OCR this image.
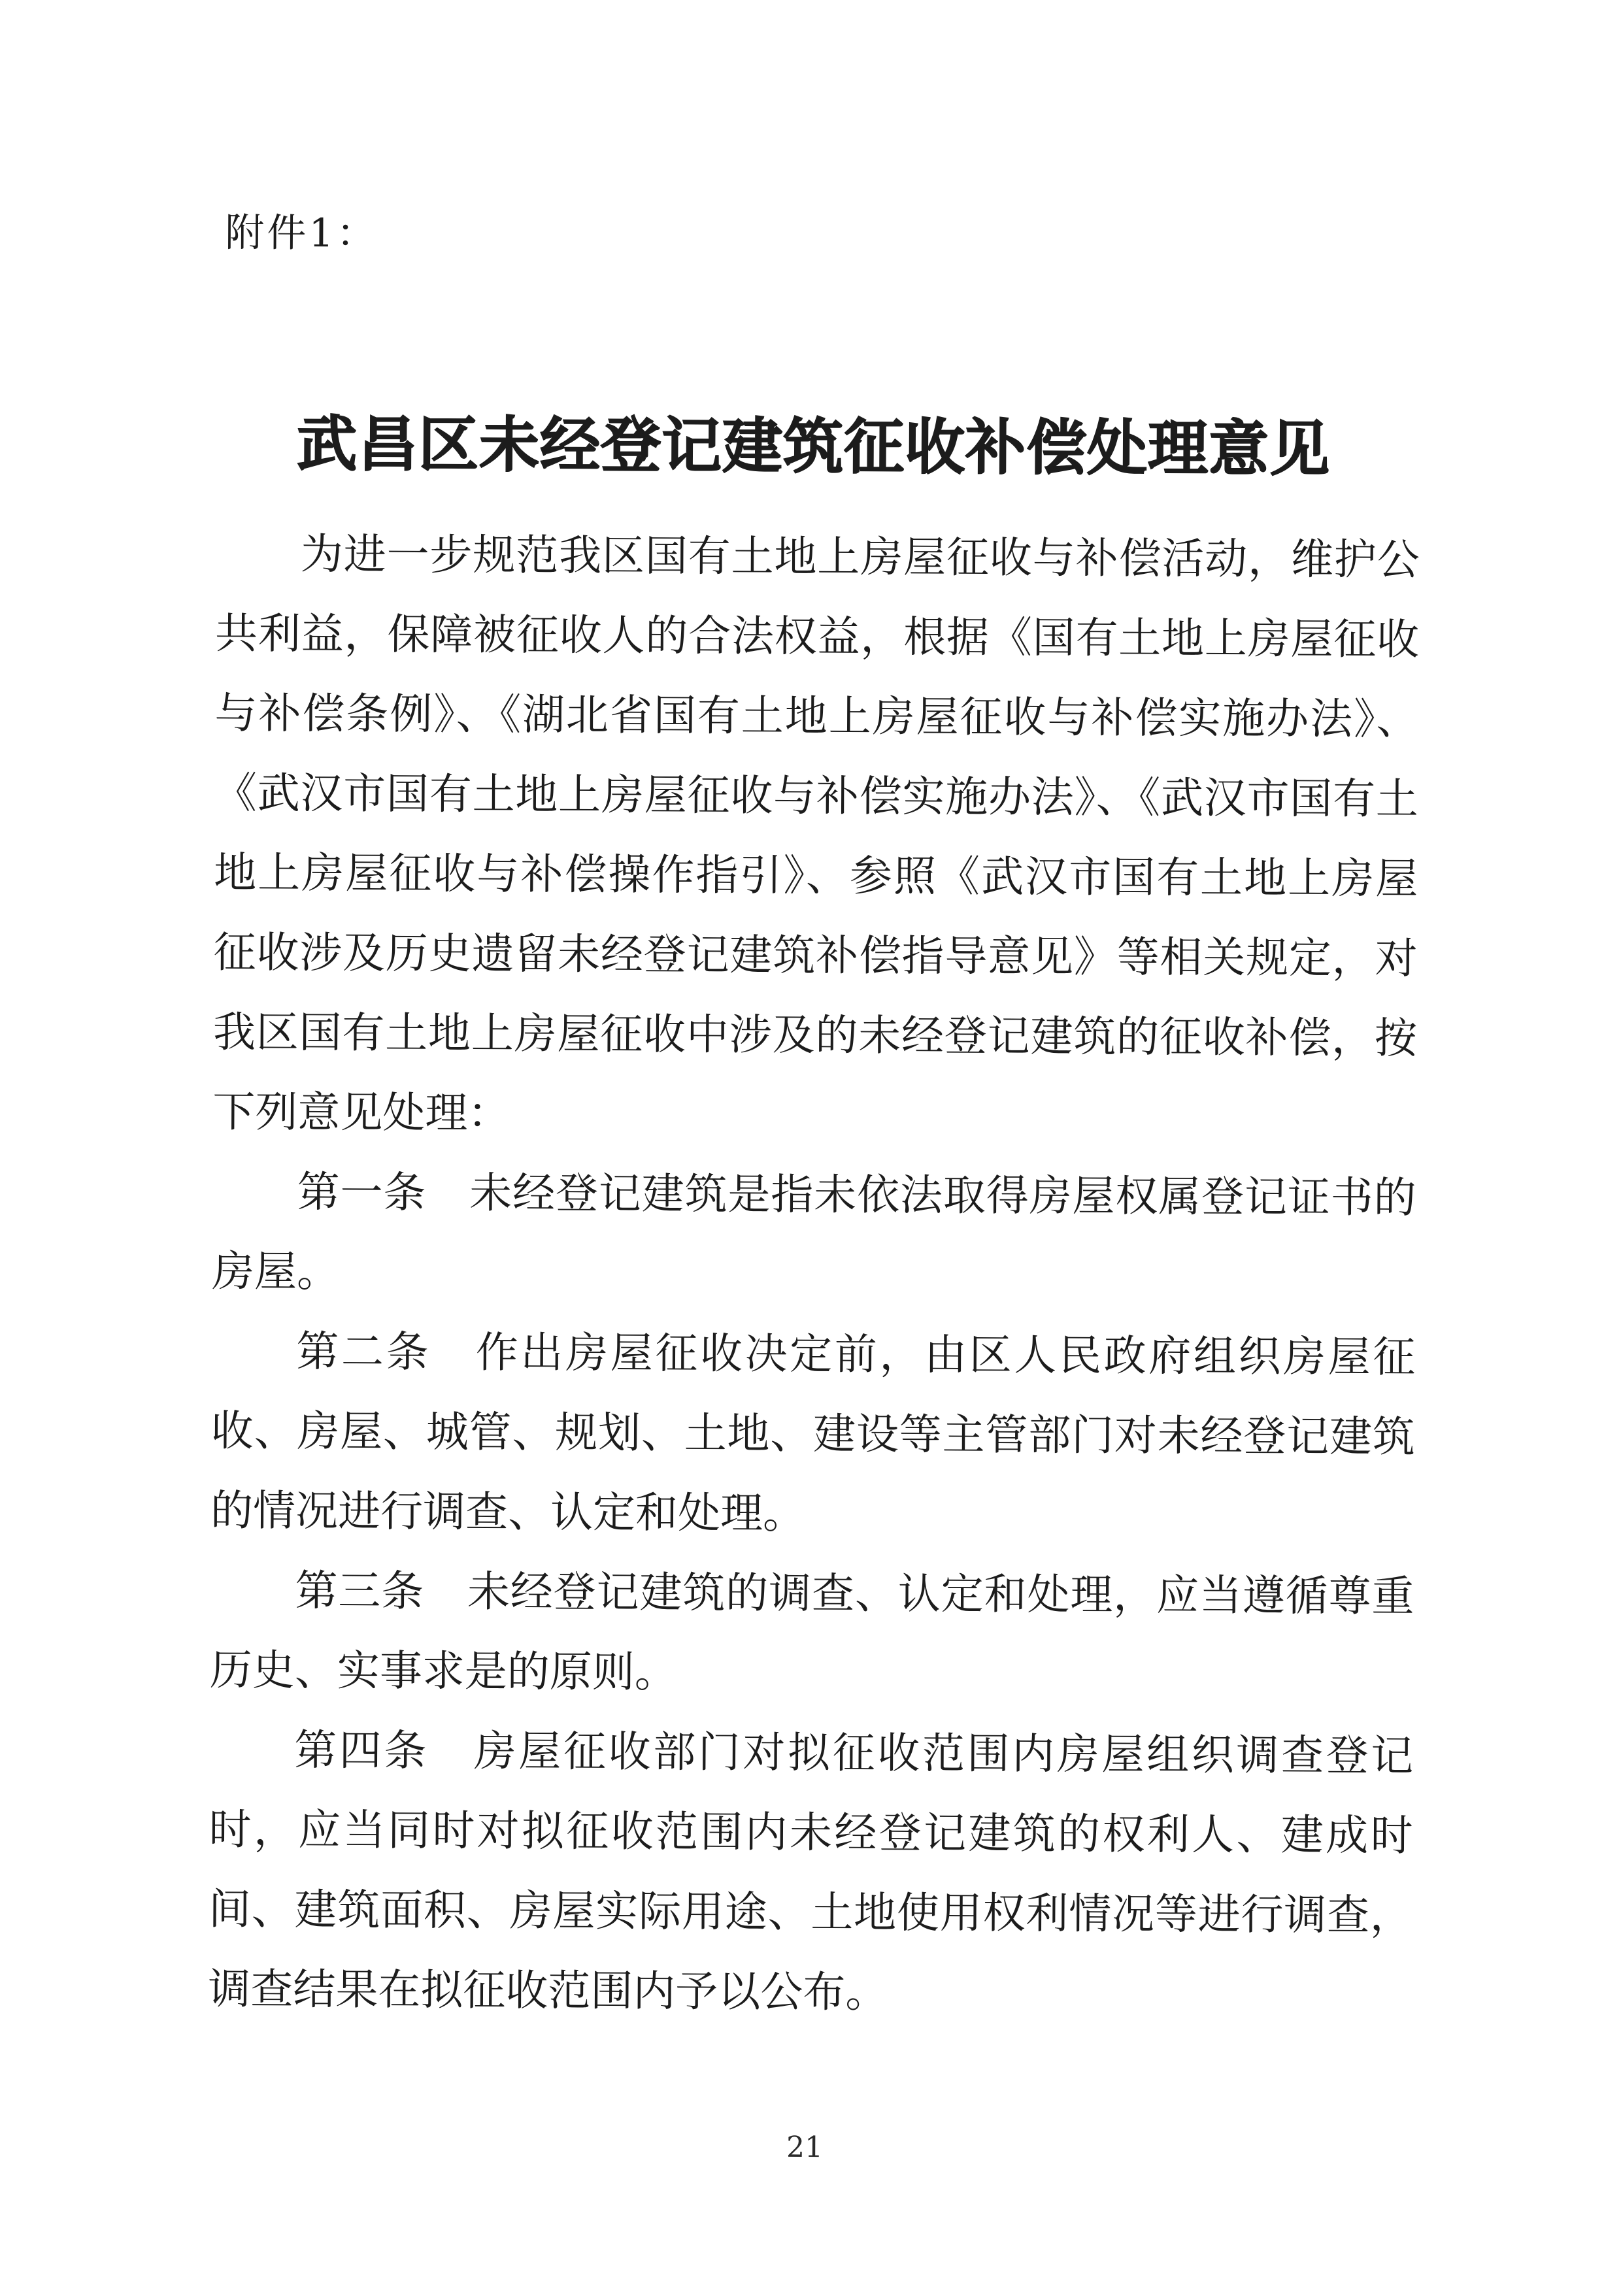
附件1：
武昌区未经登记建筑征收补偿处理意见

为进一步规范我区国有土地上房屋征收与补偿活动，维护公共利益，保障被征收人的合法权益，根据《国有土地上房屋征收与补偿条例》、《湖北省国有土地上房屋征收与补偿实施办法》、《武汉市国有土地上房屋征收与补偿实施办法》、《武汉市国有土地上房屋征收与补偿操作指引》、参照《武汉市国有土地上房屋征收涉及历史遗留未经登记建筑补偿指导意见》等相关规定，对我区国有土地上房屋征收中涉及的未经登记建筑的征收补偿，按下列意见处理：

第一条　未经登记建筑是指未依法取得房屋权属登记证书的房屋。

第二条　作出房屋征收决定前，由区人民政府组织房屋征收、房屋、城管、规划、土地、建设等主管部门对未经登记建筑的情况进行调查、认定和处理。

第三条　未经登记建筑的调查、认定和处理，应当遵循尊重历史、实事求是的原则。

第四条　房屋征收部门对拟征收范围内房屋组织调查登记时，应当同时对拟征收范围内未经登记建筑的权利人、建成时间、建筑面积、房屋实际用途、土地使用权利情况等进行调查，调查结果在拟征收范围内予以公布。

21
